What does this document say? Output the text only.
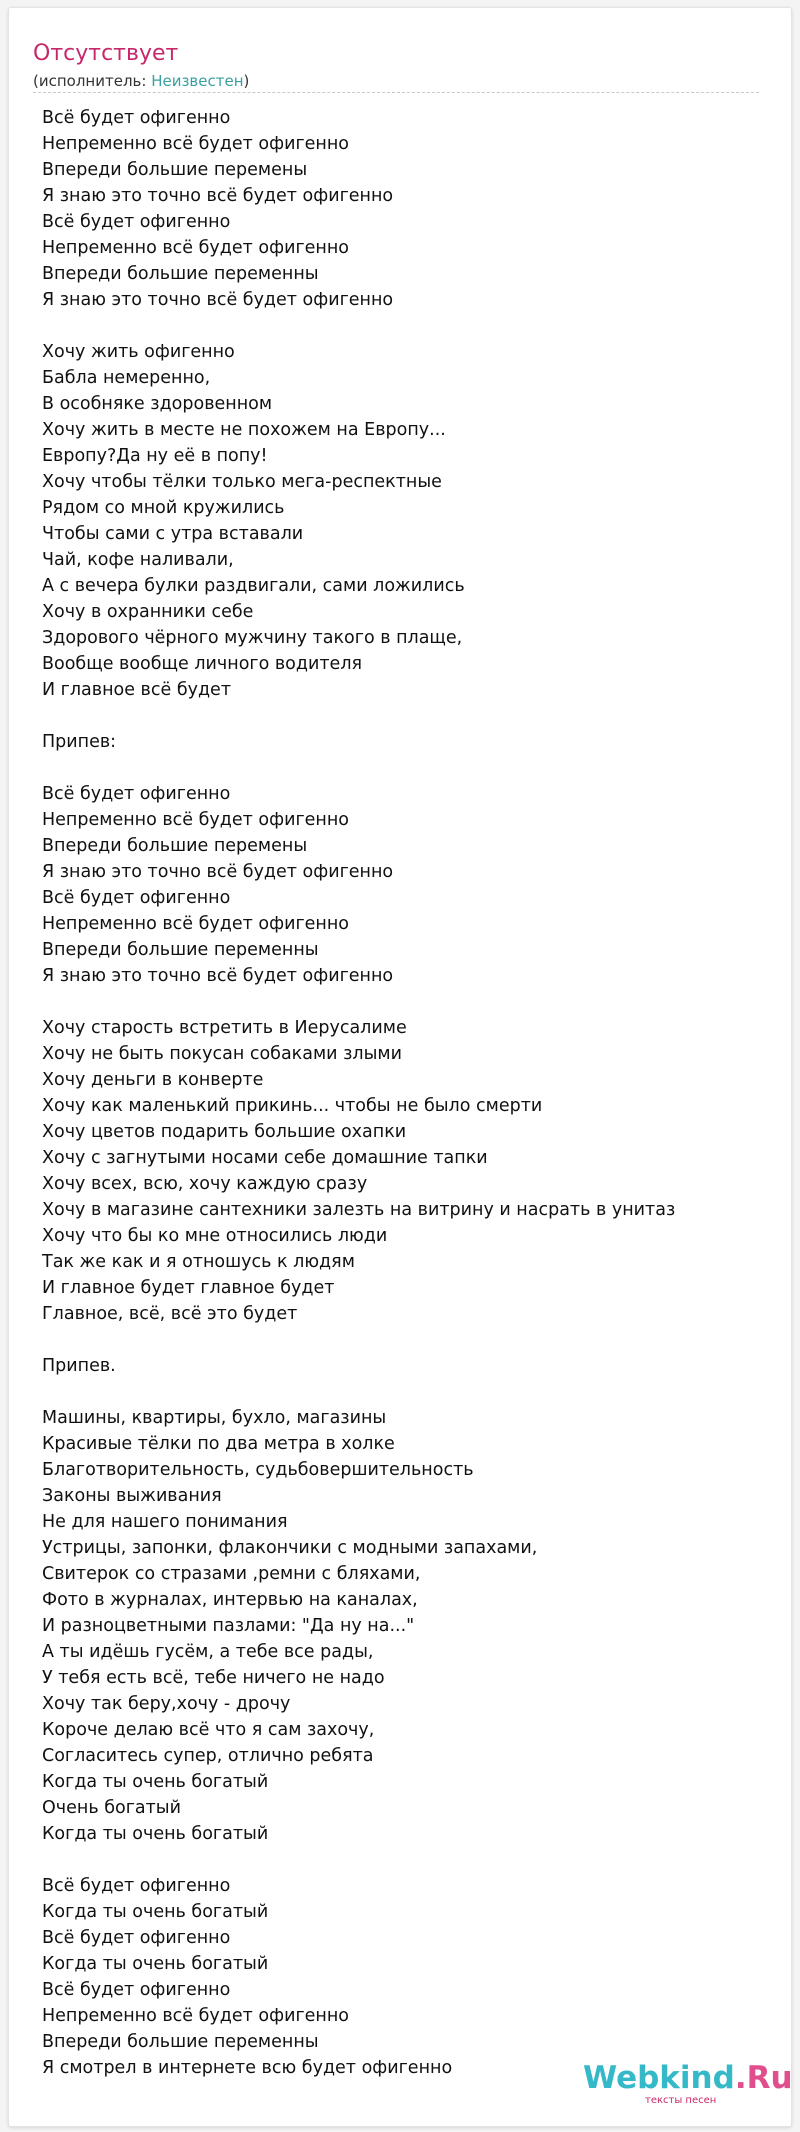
Отсутствует
(исполнитель: Неизвестен)
Всё будет офигенно
Непременно всё будет офигенно
Впереди большие перемены
Я знаю это точно всё будет офигенно
Всё будет офигенно
Непременно всё будет офигенно
Впереди большие переменны
Я знаю это точно всё будет офигенно
Хочу жить офигенно
Бабла немеренно,
В особняке здоровенном
Хочу жить в месте не похожем на Европу...
Европу?Да ну её в попу!
Хочу чтобы тёлки только мега-респектные
Рядом со мной кружились
Чтобы сами с утра вставали
Чай, кофе наливали,
А с вечера булки раздвигали, сами ложились
Хочу в охранники себе
Здорового чёрного мужчину такого в плаще,
Вообще вообще личного водителя
И главное всё будет
Припев:
Всё будет офигенно
Непременно всё будет офигенно
Впереди большие перемены
Я знаю это точно всё будет офигенно
Всё будет офигенно
Непременно всё будет офигенно
Впереди большие переменны
Я знаю это точно всё будет офигенно
Хочу старость встретить в Иерусалиме
Хочу не быть покусан собаками злыми
Хочу деньги в конверте
Хочу как маленький прикинь... чтобы не было смерти
Хочу цветов подарить большие охапки
Хочу с загнутыми носами себе домашние тапки
Хочу всех, всю, хочу каждую сразу
Хочу в магазине сантехники залезть на витрину и насрать в унитаз
Хочу что бы ко мне относились люди
Так же как и я отношусь к людям
И главное будет главное будет
Главное, всё, всё это будет
Припев.
Машины, квартиры, бухло, магазины
Красивые тёлки по два метра в холке
Благотворительность, судьбовершительность
Законы выживания
Не для нашего понимания
Устрицы, запонки, флакончики с модными запахами,
Свитерок со стразами ,ремни с бляхами,
Фото в журналах, интервью на каналах,
И разноцветными пазлами: "Да ну на..."
А ты идёшь гусём, а тебе все рады,
У тебя есть всё, тебе ничего не надо
Хочу так беру,хочу - дрочу
Короче делаю всё что я сам захочу,
Согласитесь супер, отлично ребята
Когда ты очень богатый
Очень богатый
Когда ты очень богатый
Всё будет офигенно
Когда ты очень богатый
Всё будет офигенно
Когда ты очень богатый
Всё будет офигенно
Непременно всё будет офигенно
Впереди большие переменны
Я смотрел в интернете всю будет офигенно	Webkind.Ru
тексты песен
